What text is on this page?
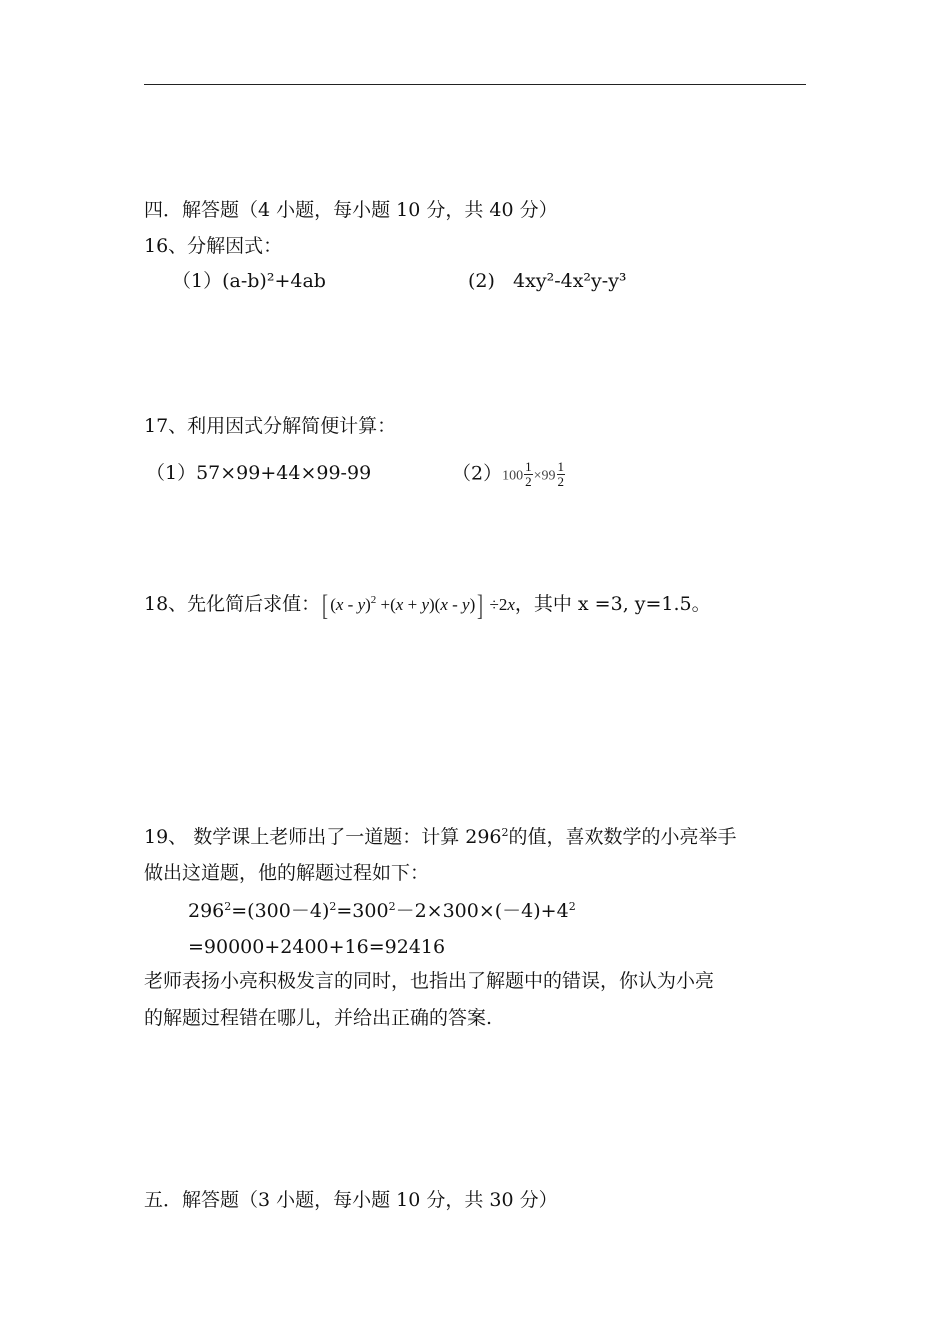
四．解答题（4 小题，每小题 10 分，共 40 分）
16、分解因式：
（1）(a-b)²+4ab	(2) 4xy²-4x²y-y³
17、利用因式分解简便计算：
（1）57×99+44×99-99	$(2)100 \frac{1}{2} \times 99 \frac{1}{2}$
18、先化简后求值：[ (x - y)$^2$ +(x + y)(x - y)] ÷2x，其中 x =3, y=1.5。
19、 数学课上老师出了一道题：计算 $296^2$的值，喜欢数学的小亮举手
做出这道题，他的解题过程如下：
$296^2=(300-4)^2=300^2-2\times 300\times(-4)+4^2$
=90000+2400+16=92416
老师表扬小亮积极发言的同时，也指出了解题中的错误，你认为小亮
的解题过程错在哪儿，并给出正确的答案.
五．解答题（3 小题，每小题 10 分，共 30 分）
